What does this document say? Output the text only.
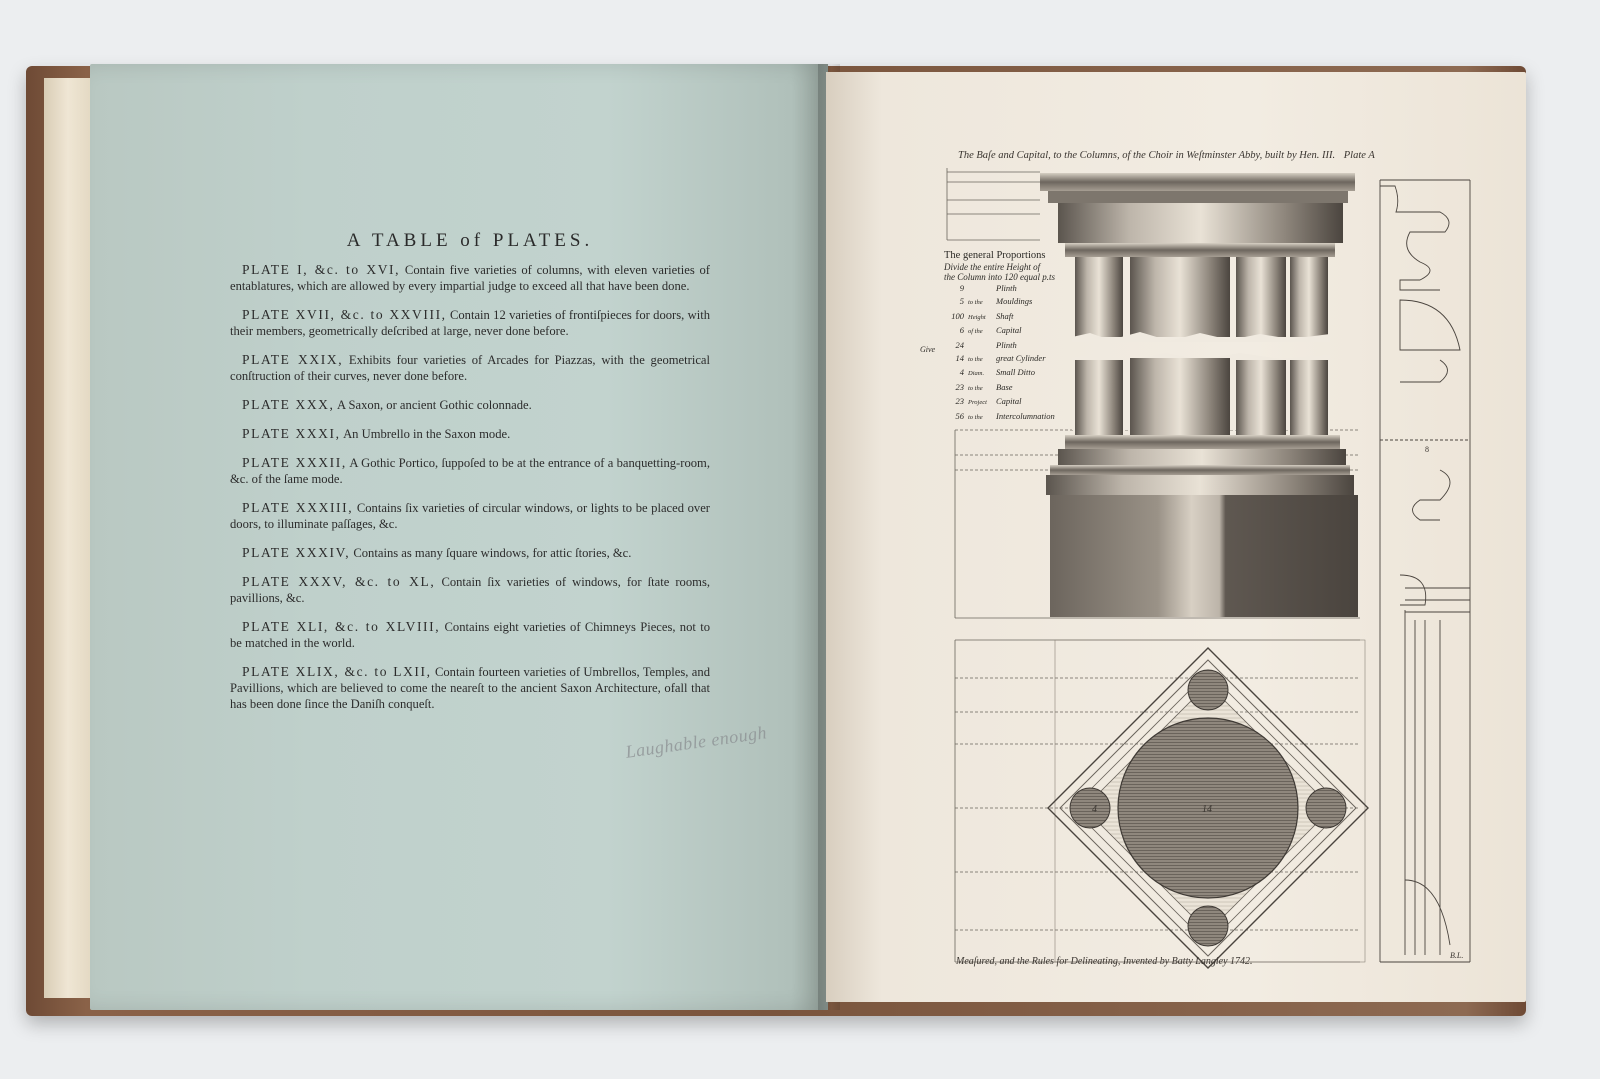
A TABLE of PLATES.

PLATE I, &c. to XVI, Contain five varieties of columns, with eleven varieties of entablatures, which are allowed by every impartial judge to exceed all that have been done.

PLATE XVII, &c. to XXVIII, Contain 12 varieties of frontiſpieces for doors, with their members, geometrically deſcribed at large, never done before.

PLATE XXIX, Exhibits four varieties of Arcades for Piazzas, with the geometrical conſtruction of their curves, never done before.

PLATE XXX, A Saxon, or ancient Gothic colonnade.

PLATE XXXI, An Umbrello in the Saxon mode.

PLATE XXXII, A Gothic Portico, ſuppoſed to be at the entrance of a banquetting-room, &c. of the ſame mode.

PLATE XXXIII, Contains ſix varieties of circular windows, or lights to be placed over doors, to illuminate paſſages, &c.

PLATE XXXIV, Contains as many ſquare windows, for attic ſtories, &c.

PLATE XXXV, &c. to XL, Contain ſix varieties of windows, for ſtate rooms, pavillions, &c.

PLATE XLI, &c. to XLVIII, Contains eight varieties of Chimneys Pieces, not to be matched in the world.

PLATE XLIX, &c. to LXII, Contain fourteen varieties of Umbrellos, Temples, and Pavillions, which are believed to come the neareſt to the ancient Saxon Architecture, ofall that has been done ſince the Daniſh conqueſt.

Laughable enough
The Baſe and Capital, to the Columns, of the Choir in Weſtminster Abby, built by Hen. III. Plate A
14
4
8
B.L.
The general Proportions
Divide the entire Height of
the Column into 120 equal p.ts
9	Plinth
5 to the Mouldings
100 Height Shaft
6 of the Capital
24	Plinth
14 to the great Cylinder
4 Diam. Small Ditto
23 to the Base
23 Project Capital
56 to the Intercolumnation
Give
Meaſured, and the Rules for Delineating, Invented by Batty Langley 1742.
